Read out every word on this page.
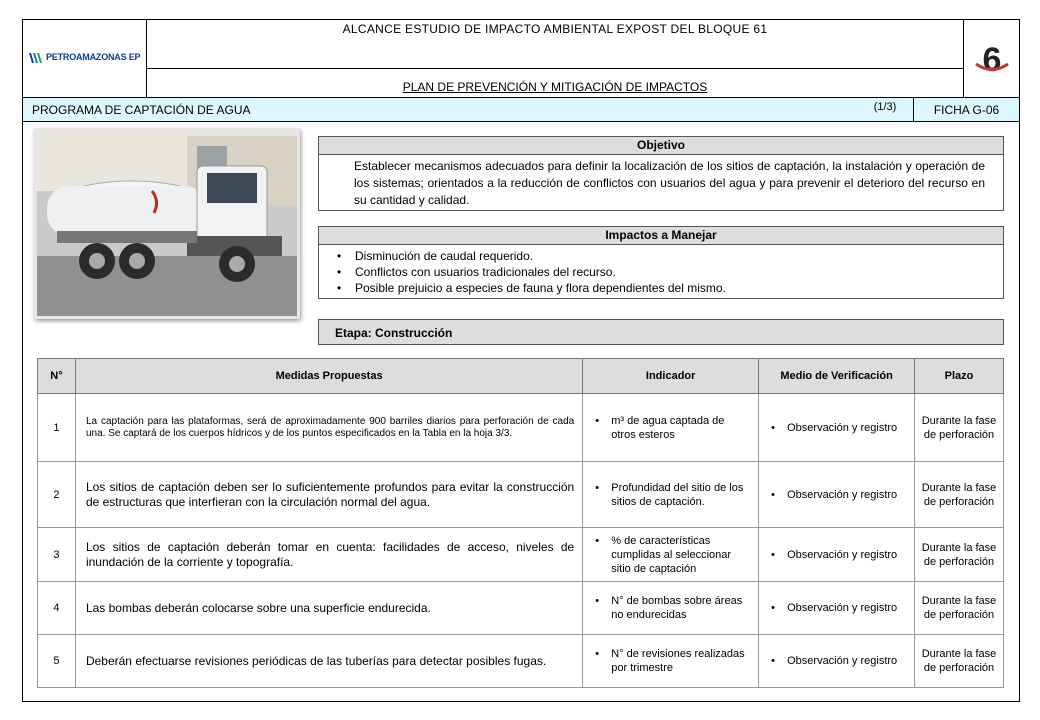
PETROAMAZONAS EP
ALCANCE ESTUDIO DE IMPACTO AMBIENTAL EXPOST DEL BLOQUE 61
PLAN DE PREVENCIÓN Y MITIGACIÓN DE IMPACTOS
6
PROGRAMA DE CAPTACIÓN DE AGUA	(1/3)	FICHA G-06
Objetivo
Establecer mecanismos adecuados para definir la localización de los sitios de captación, la instalación y operación de los sistemas; orientados a la reducción de conflictos con usuarios del agua y para prevenir el deterioro del recurso en su cantidad y calidad.
Impactos a Manejar
• Disminución de caudal requerido.
• Conflictos con usuarios tradicionales del recurso.
• Posible prejuicio a especies de fauna y flora dependientes del mismo.
Etapa: Construcción
N°	Medidas Propuestas	Indicador	Medio de Verificación	Plazo
1	La captación para las plataformas, será de aproximadamente 900 barriles diarios para perforación de cada una. Se captará de los cuerpos hídricos y de los puntos especificados en la Tabla en la hoja 3/3.	• m³ de agua captada de otros esteros	• Observación y registro	Durante la fase de perforación
2	Los sitios de captación deben ser lo suficientemente profundos para evitar la construcción de estructuras que interfieran con la circulación normal del agua.	• Profundidad del sitio de los sitios de captación.	• Observación y registro	Durante la fase de perforación
3	Los sitios de captación deberán tomar en cuenta: facilidades de acceso, niveles de inundación de la corriente y topografía.	• % de características cumplidas al seleccionar sitio de captación	• Observación y registro	Durante la fase de perforación
4	Las bombas deberán colocarse sobre una superficie endurecida.	• N° de bombas sobre áreas no endurecidas	• Observación y registro	Durante la fase de perforación
5	Deberán efectuarse revisiones periódicas de las tuberías para detectar posibles fugas.	• N° de revisiones realizadas por trimestre	• Observación y registro	Durante la fase de perforación
